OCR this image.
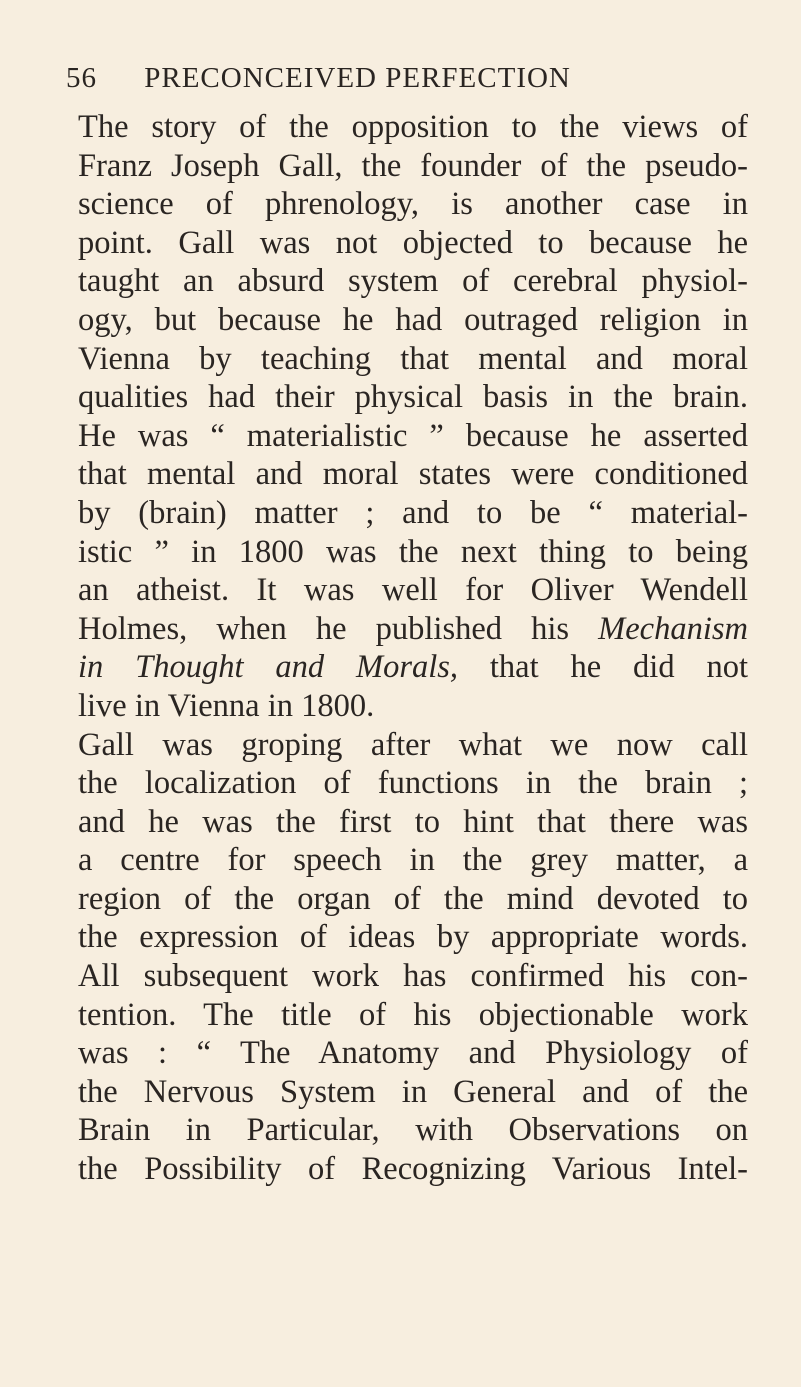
56 PRECONCEIVED PERFECTION
The story of the opposition to the views of
Franz Joseph Gall, the founder of the pseudo-
science of phrenology, is another case in
point. Gall was not objected to because he
taught an absurd system of cerebral physiol-
ogy, but because he had outraged religion in
Vienna by teaching that mental and moral
qualities had their physical basis in the brain.
He was “ materialistic ” because he asserted
that mental and moral states were conditioned
by (brain) matter ; and to be “ material-
istic ” in 1800 was the next thing to being
an atheist. It was well for Oliver Wendell
Holmes, when he published his Mechanism
in Thought and Morals, that he did not
live in Vienna in 1800.
Gall was groping after what we now call
the localization of functions in the brain ;
and he was the first to hint that there was
a centre for speech in the grey matter, a
region of the organ of the mind devoted to
the expression of ideas by appropriate words.
All subsequent work has confirmed his con-
tention. The title of his objectionable work
was : “ The Anatomy and Physiology of
the Nervous System in General and of the
Brain in Particular, with Observations on
the Possibility of Recognizing Various Intel-
